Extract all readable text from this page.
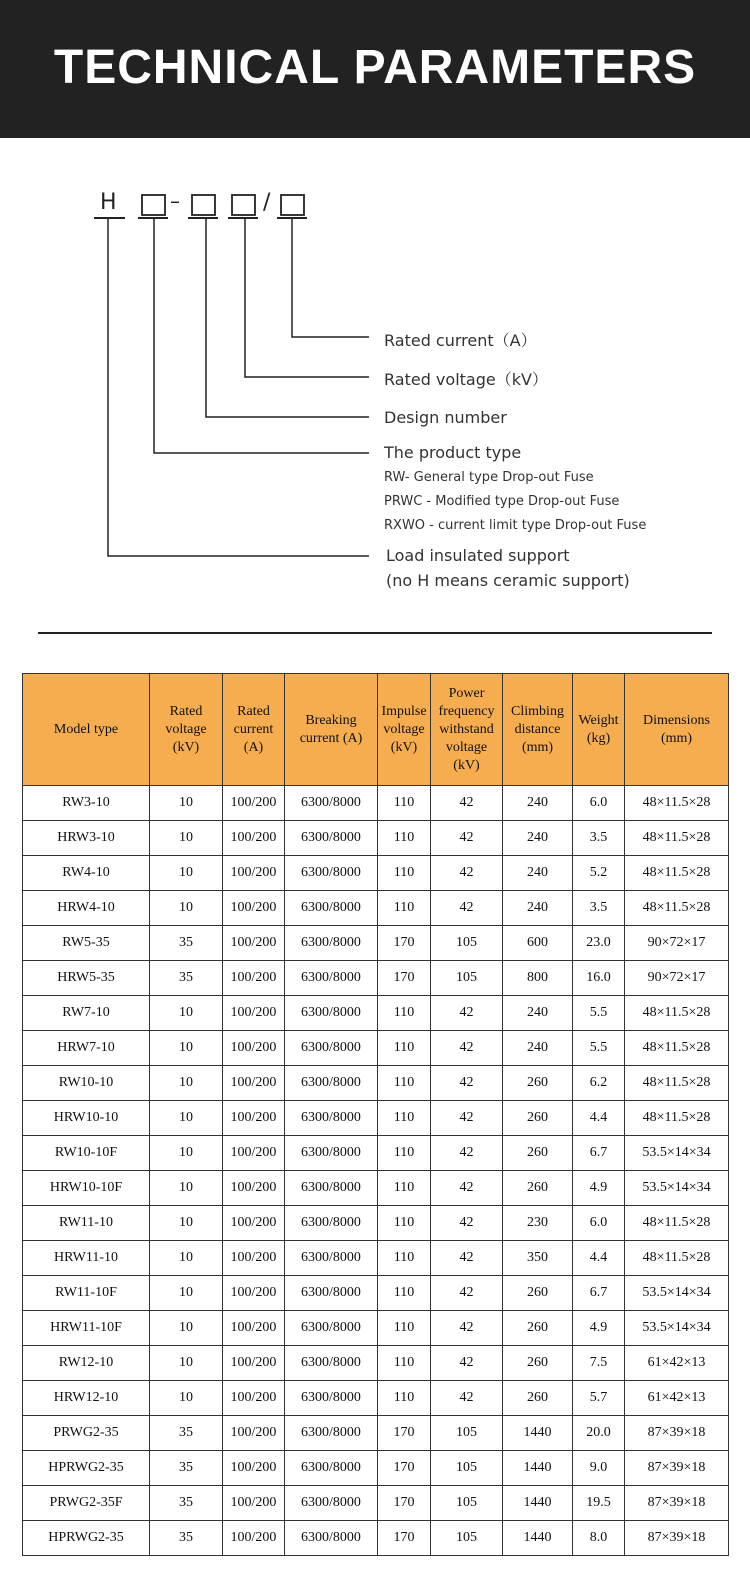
TECHNICAL PARAMETERS
H	–	/
Rated current（A）
Rated voltage（kV）
Design number
The product type
RW- General type Drop-out Fuse
PRWC - Modified type Drop-out Fuse
RXWO - current limit type Drop-out Fuse
Load insulated support
(no H means ceramic support)
Model type	Rated
voltage
(kV)	Rated
current
(A)	Breaking
current (A)	Impulse
voltage
(kV)	Power
frequency
withstand
voltage
(kV)	Climbing
distance
(mm)	Weight
(kg)	Dimensions
(mm)
RW3-10	10	100/200	6300/8000	110	42	240	6.0	48×11.5×28
HRW3-10	10	100/200	6300/8000	110	42	240	3.5	48×11.5×28
RW4-10	10	100/200	6300/8000	110	42	240	5.2	48×11.5×28
HRW4-10	10	100/200	6300/8000	110	42	240	3.5	48×11.5×28
RW5-35	35	100/200	6300/8000	170	105	600	23.0	90×72×17
HRW5-35	35	100/200	6300/8000	170	105	800	16.0	90×72×17
RW7-10	10	100/200	6300/8000	110	42	240	5.5	48×11.5×28
HRW7-10	10	100/200	6300/8000	110	42	240	5.5	48×11.5×28
RW10-10	10	100/200	6300/8000	110	42	260	6.2	48×11.5×28
HRW10-10	10	100/200	6300/8000	110	42	260	4.4	48×11.5×28
RW10-10F	10	100/200	6300/8000	110	42	260	6.7	53.5×14×34
HRW10-10F	10	100/200	6300/8000	110	42	260	4.9	53.5×14×34
RW11-10	10	100/200	6300/8000	110	42	230	6.0	48×11.5×28
HRW11-10	10	100/200	6300/8000	110	42	350	4.4	48×11.5×28
RW11-10F	10	100/200	6300/8000	110	42	260	6.7	53.5×14×34
HRW11-10F	10	100/200	6300/8000	110	42	260	4.9	53.5×14×34
RW12-10	10	100/200	6300/8000	110	42	260	7.5	61×42×13
HRW12-10	10	100/200	6300/8000	110	42	260	5.7	61×42×13
PRWG2-35	35	100/200	6300/8000	170	105	1440	20.0	87×39×18
HPRWG2-35	35	100/200	6300/8000	170	105	1440	9.0	87×39×18
PRWG2-35F	35	100/200	6300/8000	170	105	1440	19.5	87×39×18
HPRWG2-35	35	100/200	6300/8000	170	105	1440	8.0	87×39×18
